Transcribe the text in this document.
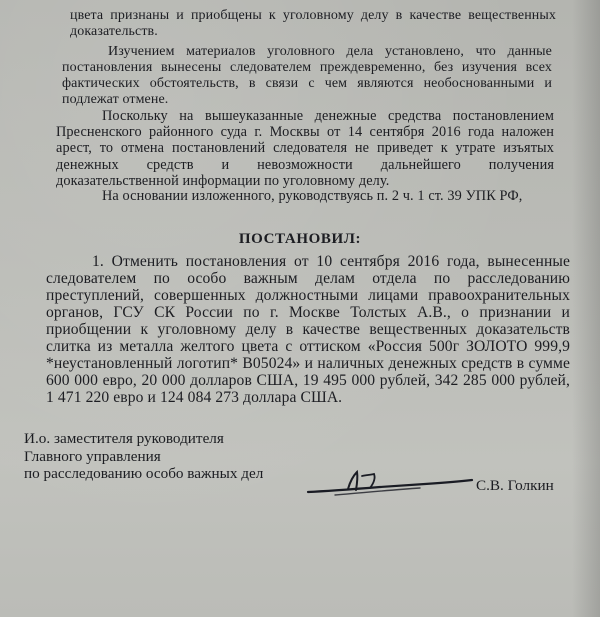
цвета признаны и приобщены к уголовному делу в качестве вещественных доказательств.

Изучением материалов уголовного дела установлено, что данные постановления вынесены следователем преждевременно, без изучения всех фактических обстоятельств, в связи с чем являются необоснованными и подлежат отмене.

Поскольку на вышеуказанные денежные средства постановлением Пресненского районного суда г. Москвы от 14 сентября 2016 года наложен арест, то отмена постановлений следователя не приведет к утрате изъятых денежных средств и невозможности дальнейшего получения доказательственной информации по уголовному делу.

На основании изложенного, руководствуясь п. 2 ч. 1 ст. 39 УПК РФ,

ПОСТАНОВИЛ:

1. Отменить постановления от 10 сентября 2016 года, вынесенные следователем по особо важным делам отдела по расследованию преступлений, совершенных должностными лицами правоохранительных органов, ГСУ СК России по г. Москве Толстых А.В., о признании и приобщении к уголовному делу в качестве вещественных доказательств слитка из металла желтого цвета с оттиском «Россия 500г ЗОЛОТО 999,9 *неустановленный логотип* В05024» и наличных денежных средств в сумме 600 000 евро, 20 000 долларов США, 19 495 000 рублей, 342 285 000 рублей, 1 471 220 евро и 124 084 273 доллара США.

И.о. заместителя руководителя
Главного управления
по расследованию особо важных дел
С.В. Голкин
